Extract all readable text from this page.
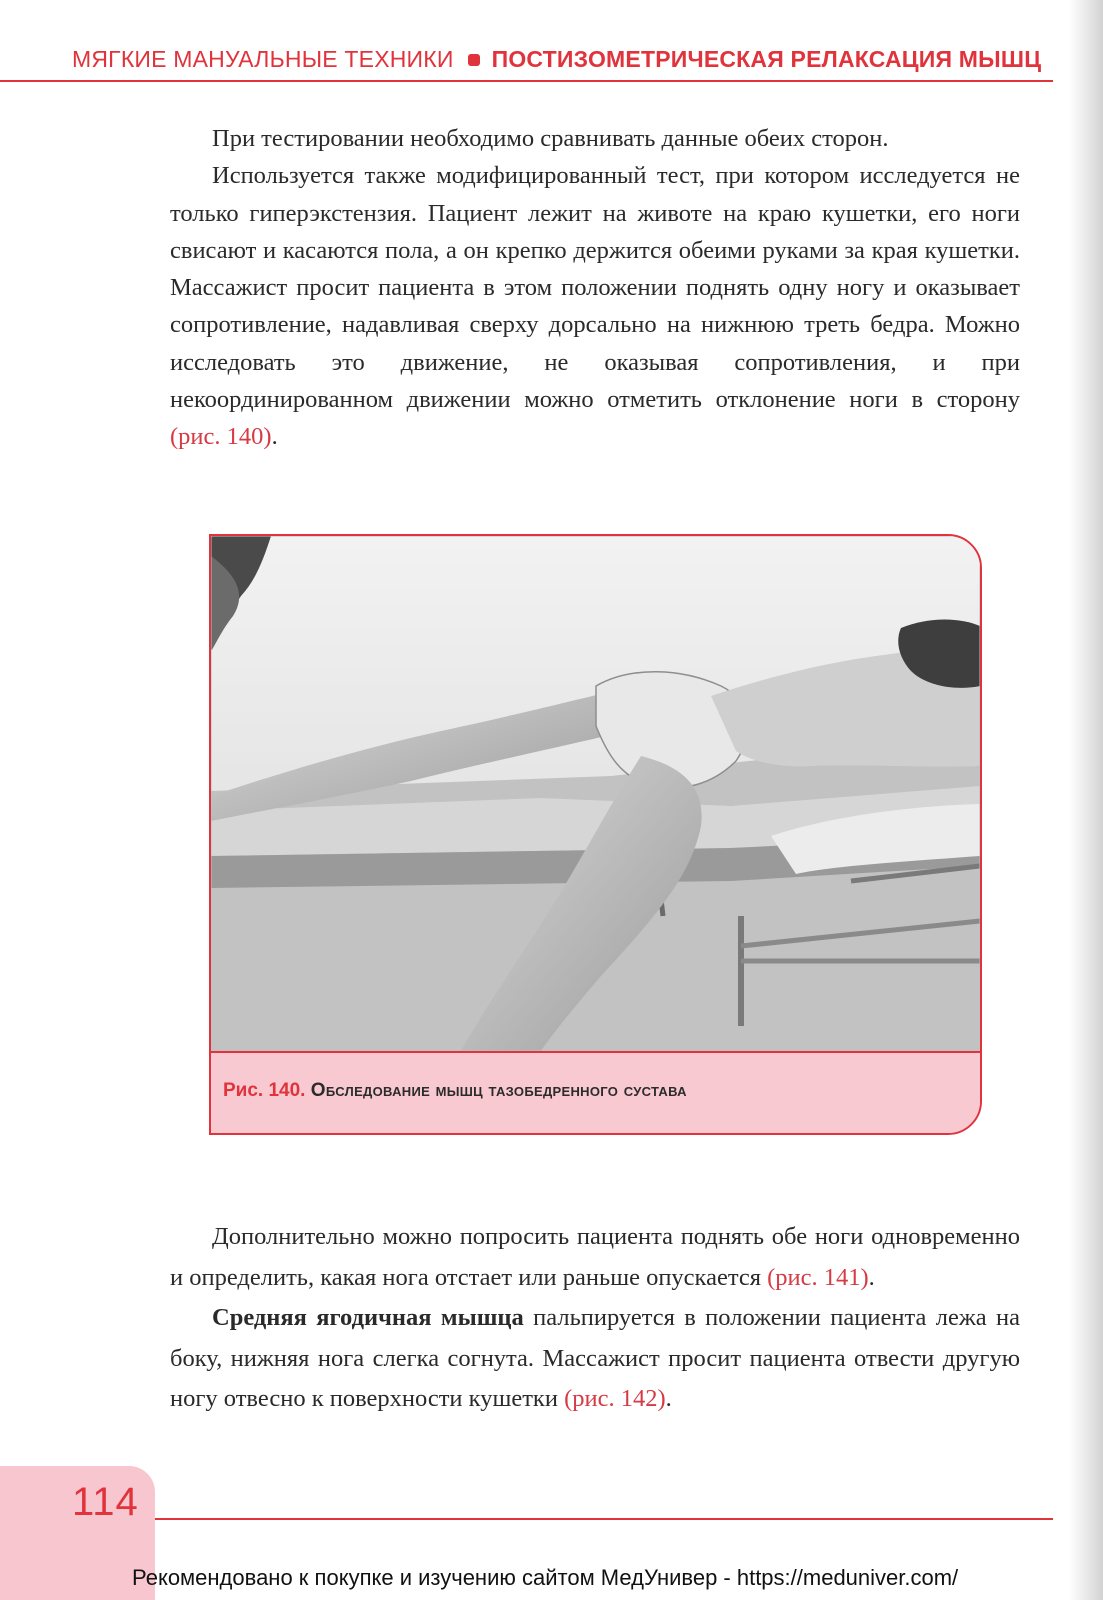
МЯГКИЕ МАНУАЛЬНЫЕ ТЕХНИКИ ПОСТИЗОМЕТРИЧЕСКАЯ РЕЛАКСАЦИЯ МЫШЦ

При тестировании необходимо сравнивать данные обеих сторон.

Используется также модифицированный тест, при котором исследуется не только гиперэкстензия. Пациент лежит на животе на краю кушетки, его ноги свисают и касаются пола, а он крепко держится обеими руками за края кушетки. Массажист просит пациента в этом положении поднять одну ногу и оказывает сопротивление, надавливая сверху дорсально на нижнюю треть бедра. Можно исследовать это движение, не оказывая сопротивления, и при некоординированном движении можно отметить отклонение ноги в сторону (рис. 140).

Рис. 140. Обследование мышц тазобедренного сустава

Дополнительно можно попросить пациента поднять обе ноги одновременно и определить, какая нога отстает или раньше опускается (рис. 141).

Средняя ягодичная мышца пальпируется в положении пациента лежа на боку, нижняя нога слегка согнута. Массажист просит пациента отвести другую ногу отвесно к поверхности кушетки (рис. 142).

114
Рекомендовано к покупке и изучению сайтом МедУнивер - https://meduniver.com/
